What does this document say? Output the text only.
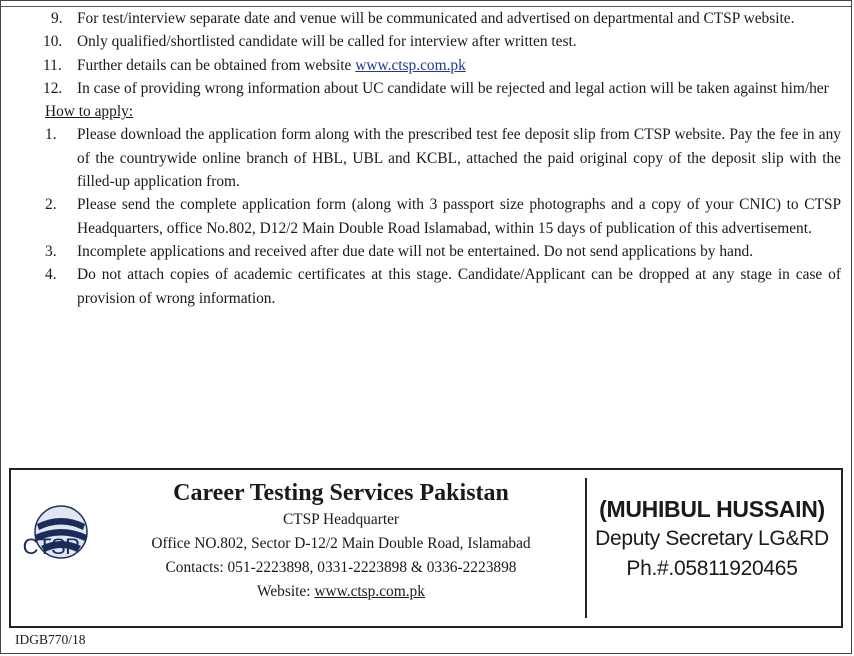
9. For test/interview separate date and venue will be communicated and advertised on departmental and CTSP website.
10. Only qualified/shortlisted candidate will be called for interview after written test.
11. Further details can be obtained from website www.ctsp.com.pk
12. In case of providing wrong information about UC candidate will be rejected and legal action will be taken against him/her
How to apply:
1.	Please download the application form along with the prescribed test fee deposit slip from CTSP website. Pay the fee in any of the countrywide online branch of HBL, UBL and KCBL, attached the paid original copy of the deposit slip with the filled-up application from.
2. Please send the complete application form (along with 3 passport size photographs and a copy of your CNIC) to CTSP Headquarters, office No.802, D12/2 Main Double Road Islamabad, within 15 days of publication of this advertisement.
3. Incomplete applications and received after due date will not be entertained. Do not send applications by hand.
4. Do not attach copies of academic certificates at this stage. Candidate/Applicant can be dropped at any stage in case of provision of wrong information.
CTSP
Career Testing Services Pakistan
CTSP Headquarter
Office NO.802, Sector D-12/2 Main Double Road, Islamabad
Contacts: 051-2223898, 0331-2223898 & 0336-2223898
Website: www.ctsp.com.pk
(MUHIBUL HUSSAIN)
Deputy Secretary LG&RD
Ph.#.05811920465
IDGB770/18
